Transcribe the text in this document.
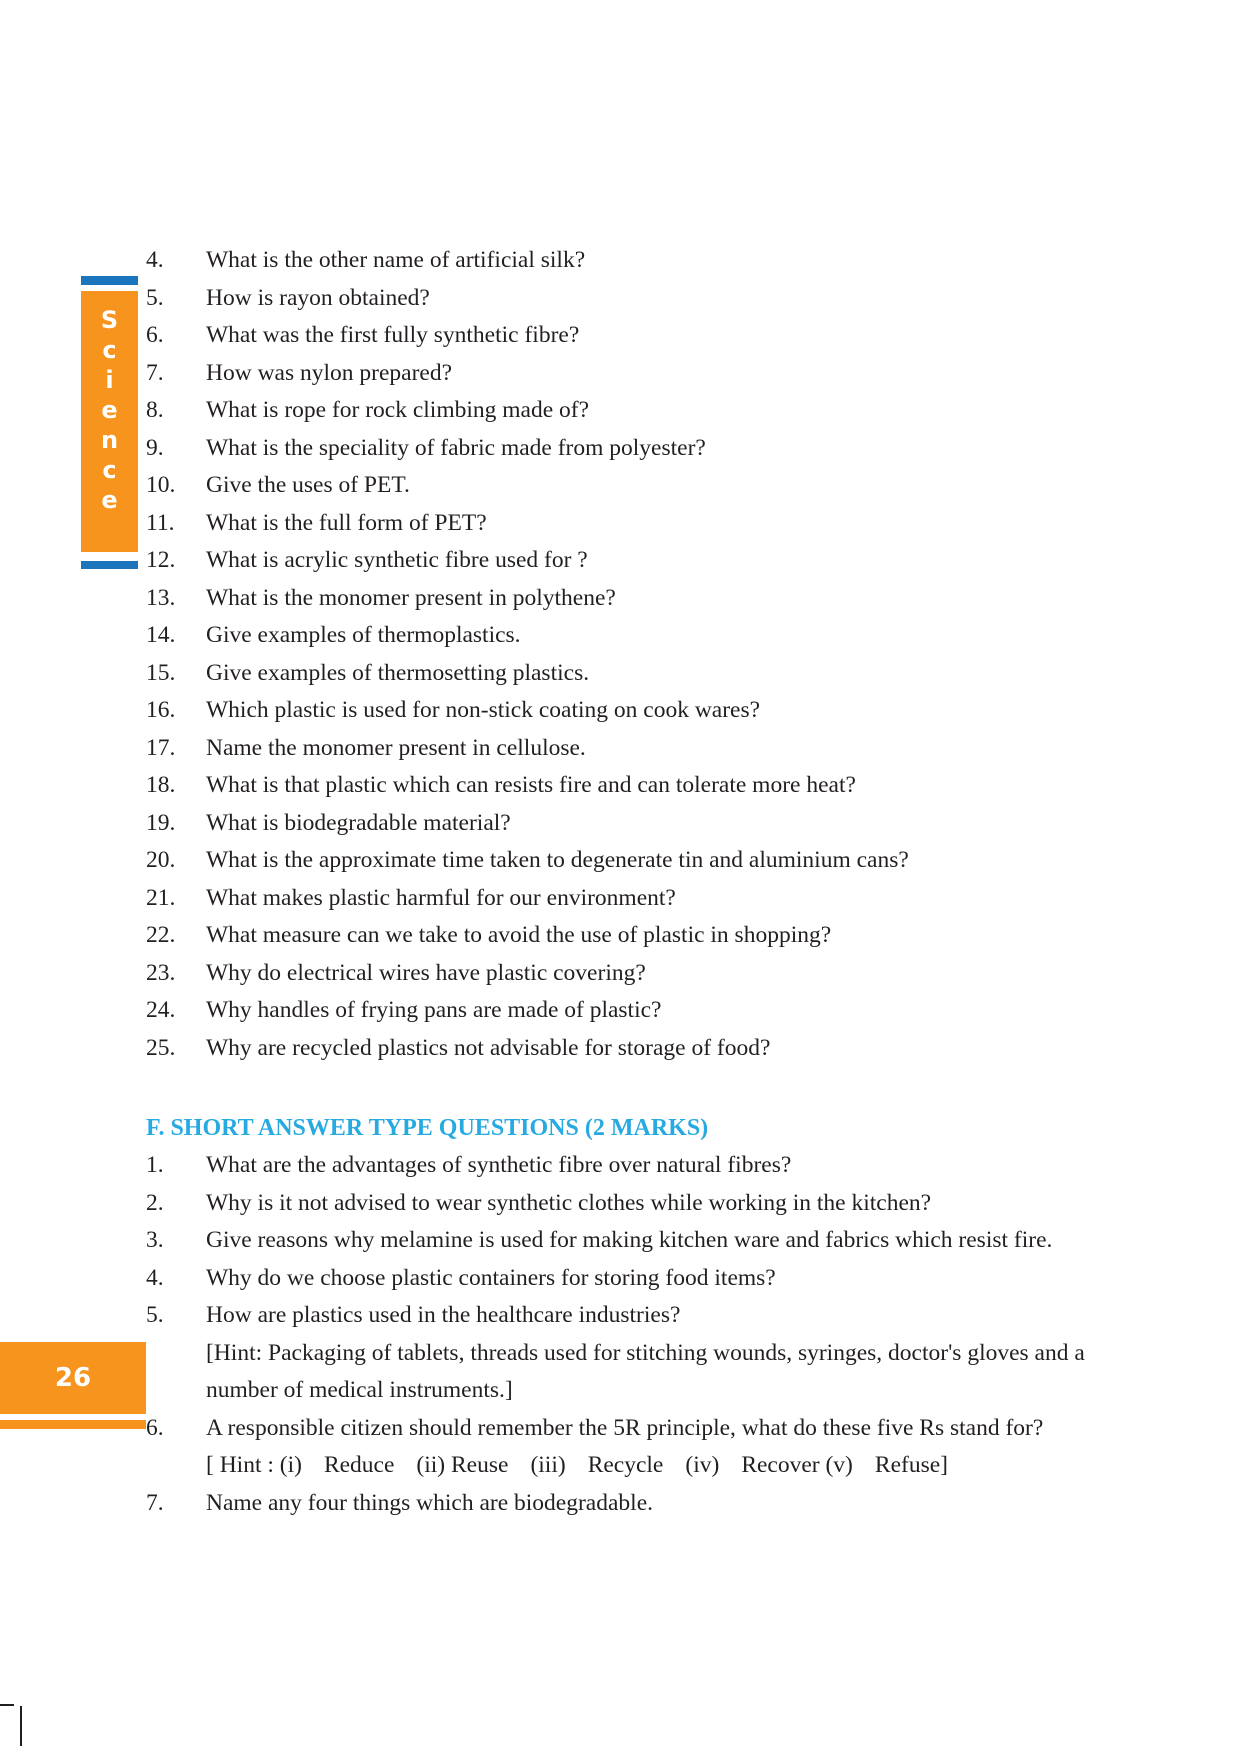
S
c
i
e
n
c
e
26
4. What is the other name of artificial silk?
5. How is rayon obtained?
6. What was the first fully synthetic fibre?
7. How was nylon prepared?
8. What is rope for rock climbing made of?
9. What is the speciality of fabric made from polyester?
10. Give the uses of PET.
11. What is the full form of PET?
12. What is acrylic synthetic fibre used for ?
13. What is the monomer present in polythene?
14. Give examples of thermoplastics.
15. Give examples of thermosetting plastics.
16. Which plastic is used for non-stick coating on cook wares?
17. Name the monomer present in cellulose.
18. What is that plastic which can resists fire and can tolerate more heat?
19. What is biodegradable material?
20. What is the approximate time taken to degenerate tin and aluminium cans?
21. What makes plastic harmful for our environment?
22. What measure can we take to avoid the use of plastic in shopping?
23. Why do electrical wires have plastic covering?
24. Why handles of frying pans are made of plastic?
25. Why are recycled plastics not advisable for storage of food?
F. SHORT ANSWER TYPE QUESTIONS (2 MARKS)
1. What are the advantages of synthetic fibre over natural fibres?
2. Why is it not advised to wear synthetic clothes while working in the kitchen?
3. Give reasons why melamine is used for making kitchen ware and fabrics which resist fire.
4. Why do we choose plastic containers for storing food items?
5. How are plastics used in the healthcare industries?
[Hint: Packaging of tablets, threads used for stitching wounds, syringes, doctor's gloves and a
number of medical instruments.]
6. A responsible citizen should remember the 5R principle, what do these five Rs stand for?
[ Hint : (i) Reduce (ii) Reuse (iii) Recycle (iv) Recover (v) Refuse]
7. Name any four things which are biodegradable.
